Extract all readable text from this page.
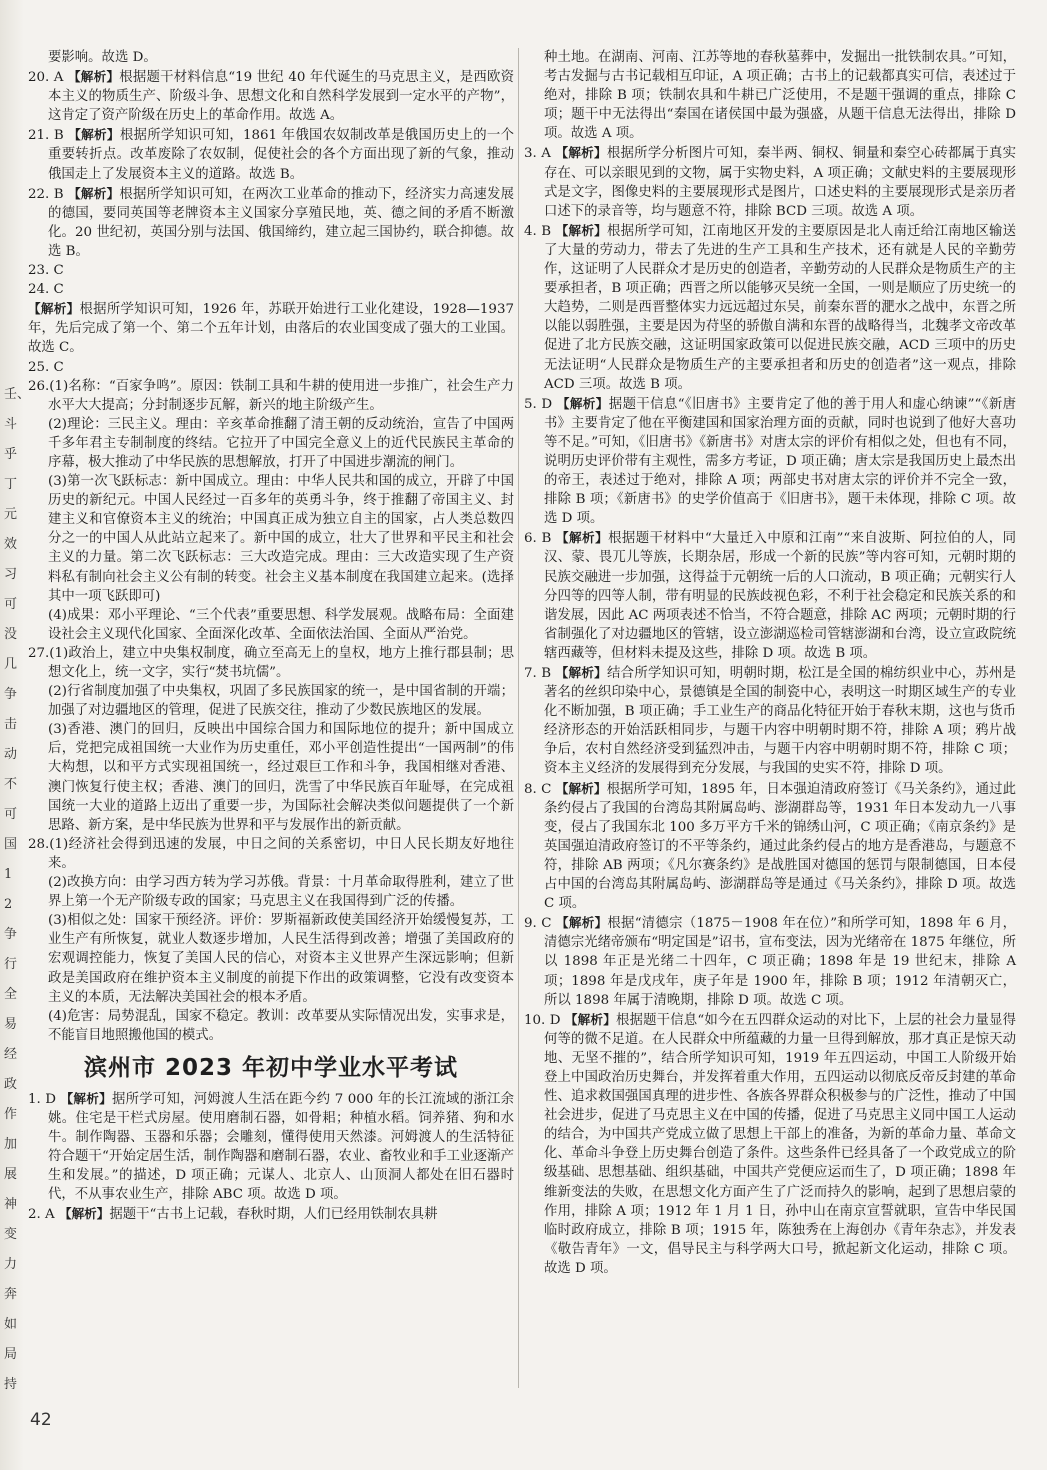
壬、斗乎丁元效习可没几争击动不可国12争行全易经政作加展神变力奔如局持

要影响。故选 D。

20. A 【解析】根据题干材料信息“19 世纪 40 年代诞生的马克思主义，是西欧资本主义的物质生产、阶级斗争、思想文化和自然科学发展到一定水平的产物”，这肯定了资产阶级在历史上的革命作用。故选 A。

21. B 【解析】根据所学知识可知，1861 年俄国农奴制改革是俄国历史上的一个重要转折点。改革废除了农奴制，促使社会的各个方面出现了新的气象，推动俄国走上了发展资本主义的道路。故选 B。

22. B 【解析】根据所学知识可知，在两次工业革命的推动下，经济实力高速发展的德国，要同英国等老牌资本主义国家分享殖民地，英、德之间的矛盾不断激化。20 世纪初，英国分别与法国、俄国缔约，建立起三国协约，联合抑德。故选 B。

23. C

24. C

【解析】根据所学知识可知，1926 年，苏联开始进行工业化建设，1928—1937 年，先后完成了第一个、第二个五年计划，由落后的农业国变成了强大的工业国。故选 C。

25. C

26.(1)名称：“百家争鸣”。原因：铁制工具和牛耕的使用进一步推广，社会生产力水平大大提高；分封制逐步瓦解，新兴的地主阶级产生。

(2)理论：三民主义。理由：辛亥革命推翻了清王朝的反动统治，宣告了中国两千多年君主专制制度的终结。它拉开了中国完全意义上的近代民族民主革命的序幕，极大推动了中华民族的思想解放，打开了中国进步潮流的闸门。

(3)第一次飞跃标志：新中国成立。理由：中华人民共和国的成立，开辟了中国历史的新纪元。中国人民经过一百多年的英勇斗争，终于推翻了帝国主义、封建主义和官僚资本主义的统治；中国真正成为独立自主的国家，占人类总数四分之一的中国人从此站立起来了。新中国的成立，壮大了世界和平民主和社会主义的力量。第二次飞跃标志：三大改造完成。理由：三大改造实现了生产资料私有制向社会主义公有制的转变。社会主义基本制度在我国建立起来。(选择其中一项飞跃即可)

(4)成果：邓小平理论、“三个代表”重要思想、科学发展观。战略布局：全面建设社会主义现代化国家、全面深化改革、全面依法治国、全面从严治党。

27.(1)政治上，建立中央集权制度，确立至高无上的皇权，地方上推行郡县制；思想文化上，统一文字，实行“焚书坑儒”。

(2)行省制度加强了中央集权，巩固了多民族国家的统一，是中国省制的开端；加强了对边疆地区的管理，促进了民族交往，推动了少数民族地区的发展。

(3)香港、澳门的回归，反映出中国综合国力和国际地位的提升；新中国成立后，党把完成祖国统一大业作为历史重任，邓小平创造性提出“一国两制”的伟大构想，以和平方式实现祖国统一，经过艰巨工作和斗争，我国相继对香港、澳门恢复行使主权；香港、澳门的回归，洗雪了中华民族百年耻辱，在完成祖国统一大业的道路上迈出了重要一步，为国际社会解决类似问题提供了一个新思路、新方案，是中华民族为世界和平与发展作出的新贡献。

28.(1)经济社会得到迅速的发展，中日之间的关系密切，中日人民长期友好地往来。

(2)改换方向：由学习西方转为学习苏俄。背景：十月革命取得胜利，建立了世界上第一个无产阶级专政的国家；马克思主义在我国得到广泛的传播。

(3)相似之处：国家干预经济。评价：罗斯福新政使美国经济开始缓慢复苏，工业生产有所恢复，就业人数逐步增加，人民生活得到改善；增强了美国政府的宏观调控能力，恢复了美国人民的信心，对资本主义世界产生深远影响；但新政是美国政府在维护资本主义制度的前提下作出的政策调整，它没有改变资本主义的本质，无法解决美国社会的根本矛盾。

(4)危害：局势混乱，国家不稳定。教训：改革要从实际情况出发，实事求是，不能盲目地照搬他国的模式。

滨州市 2023 年初中学业水平考试

1. D 【解析】据所学可知，河姆渡人生活在距今约 7 000 年的长江流域的浙江余姚。住宅是干栏式房屋。使用磨制石器，如骨耜；种植水稻。饲养猪、狗和水牛。制作陶器、玉器和乐器；会雕刻，懂得使用天然漆。河姆渡人的生活特征符合题干“开始定居生活，制作陶器和磨制石器，农业、畜牧业和手工业逐渐产生和发展。”的描述，D 项正确；元谋人、北京人、山顶洞人都处在旧石器时代，不从事农业生产，排除 ABC 项。故选 D 项。

2. A 【解析】据题干“古书上记载，春秋时期，人们已经用铁制农具耕

种土地。在湖南、河南、江苏等地的春秋墓葬中，发掘出一批铁制农具。”可知，考古发掘与古书记载相互印证，A 项正确；古书上的记载都真实可信，表述过于绝对，排除 B 项；铁制农具和牛耕已广泛使用，不是题干强调的重点，排除 C 项；题干中无法得出“秦国在诸侯国中最为强盛，从题干信息无法得出，排除 D 项。故选 A 项。

3. A 【解析】根据所学分析图片可知，秦半两、铜权、铜量和秦空心砖都属于真实存在、可以亲眼见到的文物，属于实物史料，A 项正确；文献史料的主要展现形式是文字，图像史料的主要展现形式是图片，口述史料的主要展现形式是亲历者口述下的录音等，均与题意不符，排除 BCD 三项。故选 A 项。

4. B 【解析】根据所学可知，江南地区开发的主要原因是北人南迁给江南地区输送了大量的劳动力，带去了先进的生产工具和生产技术，还有就是人民的辛勤劳作，这证明了人民群众才是历史的创造者，辛勤劳动的人民群众是物质生产的主要承担者，B 项正确；西晋之所以能够灭吴统一全国，一则是顺应了历史统一的大趋势，二则是西晋整体实力远远超过东吴，前秦东晋的淝水之战中，东晋之所以能以弱胜强，主要是因为苻坚的骄傲自满和东晋的战略得当，北魏孝文帝改革促进了北方民族交融，这证明国家政策可以促进民族交融，ACD 三项中的历史无法证明“人民群众是物质生产的主要承担者和历史的创造者”这一观点，排除 ACD 三项。故选 B 项。

5. D 【解析】据题干信息“《旧唐书》主要肯定了他的善于用人和虚心纳谏”“《新唐书》主要肯定了他在平衡建国和国家治理方面的贡献，同时也说到了他好大喜功等不足。”可知，《旧唐书》《新唐书》对唐太宗的评价有相似之处，但也有不同，说明历史评价带有主观性，需多方考证，D 项正确；唐太宗是我国历史上最杰出的帝王，表述过于绝对，排除 A 项；两部史书对唐太宗的评价并不完全一致，排除 B 项；《新唐书》的史学价值高于《旧唐书》，题干未体现，排除 C 项。故选 D 项。

6. B 【解析】根据题干材料中“大量迁入中原和江南”“来自波斯、阿拉伯的人，同汉、蒙、畏兀儿等族，长期杂居，形成一个新的民族”等内容可知，元朝时期的民族交融进一步加强，这得益于元朝统一后的人口流动，B 项正确；元朝实行人分四等的四等人制，带有明显的民族歧视色彩，不利于社会稳定和民族关系的和谐发展，因此 AC 两项表述不恰当，不符合题意，排除 AC 两项；元朝时期的行省制强化了对边疆地区的管辖，设立澎湖巡检司管辖澎湖和台湾，设立宣政院统辖西藏等，但材料未提及这些，排除 D 项。故选 B 项。

7. B 【解析】结合所学知识可知，明朝时期，松江是全国的棉纺织业中心，苏州是著名的丝织印染中心，景德镇是全国的制瓷中心，表明这一时期区域生产的专业化不断加强，B 项正确；手工业生产的商品化特征开始于春秋末期，这也与货币经济形态的开始活跃相同步，与题干内容中明朝时期不符，排除 A 项；鸦片战争后，农村自然经济受到猛烈冲击，与题干内容中明朝时期不符，排除 C 项；资本主义经济的发展得到充分发展，与我国的史实不符，排除 D 项。

8. C 【解析】根据所学可知，1895 年，日本强迫清政府签订《马关条约》，通过此条约侵占了我国的台湾岛其附属岛屿、澎湖群岛等，1931 年日本发动九一八事变，侵占了我国东北 100 多万平方千米的锦绣山河，C 项正确；《南京条约》是英国强迫清政府签订的不平等条约，通过此条约侵占的地方是香港岛，与题意不符，排除 AB 两项；《凡尔赛条约》是战胜国对德国的惩罚与限制德国，日本侵占中国的台湾岛其附属岛屿、澎湖群岛等是通过《马关条约》，排除 D 项。故选 C 项。

9. C 【解析】根据“清德宗（1875－1908 年在位）”和所学可知，1898 年 6 月，清德宗光绪帝颁布“明定国是”诏书，宣布变法，因为光绪帝在 1875 年继位，所以 1898 年正是光绪二十四年，C 项正确；1898 年是 19 世纪末，排除 A 项；1898 年是戊戌年，庚子年是 1900 年，排除 B 项；1912 年清朝灭亡，所以 1898 年属于清晚期，排除 D 项。故选 C 项。

10. D 【解析】根据题干信息“如今在五四群众运动的对比下，上层的社会力量显得何等的微不足道。在人民群众中所蕴藏的力量一旦得到解放，那才真正是惊天动地、无坚不摧的”，结合所学知识可知，1919 年五四运动，中国工人阶级开始登上中国政治历史舞台，并发挥着重大作用，五四运动以彻底反帝反封建的革命性、追求救国强国真理的进步性、各族各界群众积极参与的广泛性，推动了中国社会进步，促进了马克思主义在中国的传播，促进了马克思主义同中国工人运动的结合，为中国共产党成立做了思想上干部上的准备，为新的革命力量、革命文化、革命斗争登上历史舞台创造了条件。这些条件已经具备了一个政党成立的阶级基础、思想基础、组织基础，中国共产党便应运而生了，D 项正确；1898 年维新变法的失败，在思想文化方面产生了广泛而持久的影响，起到了思想启蒙的作用，排除 A 项；1912 年 1 月 1 日，孙中山在南京宣誓就职，宣告中华民国临时政府成立，排除 B 项；1915 年，陈独秀在上海创办《青年杂志》，并发表《敬告青年》一文，倡导民主与科学两大口号，掀起新文化运动，排除 C 项。故选 D 项。

42
